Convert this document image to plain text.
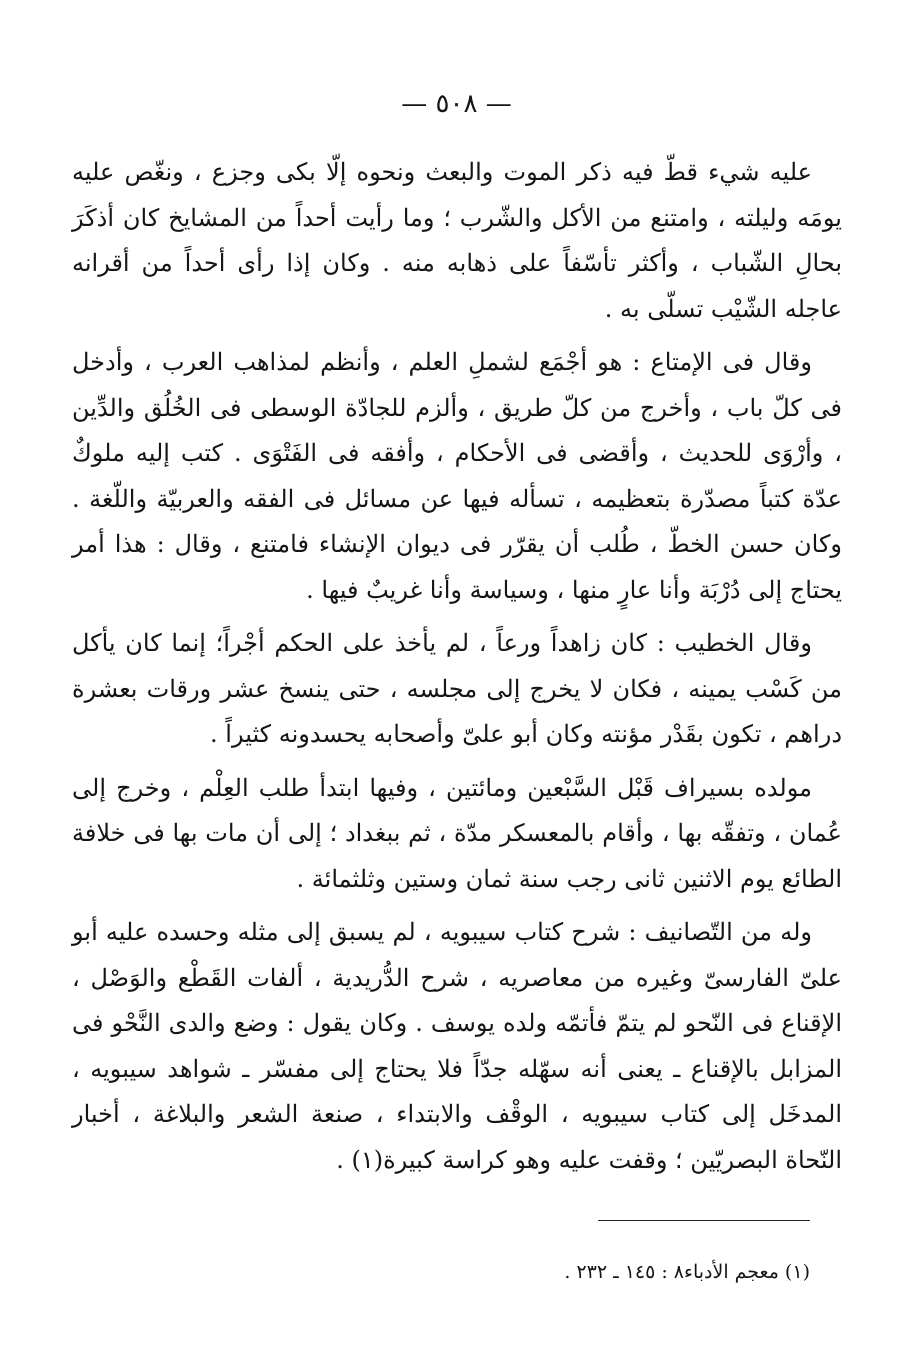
— ٥٠٨ —

عليه شيء قطّ فيه ذكر الموت والبعث ونحوه إلّا بكى وجزع ، ونغّص عليه يومَه وليلته ، وامتنع من الأكل والشّرب ؛ وما رأيت أحداً من المشايخ كان أذكَرَ بحالِ الشّباب ، وأكثر تأسّفاً على ذهابه منه . وكان إذا رأى أحداً من أقرانه عاجله الشّيْب تسلّى به .

وقال فى الإمتاع : هو أجْمَع لشملِ العلم ، وأنظم لمذاهب العرب ، وأدخل فى كلّ باب ، وأخرج من كلّ طريق ، وألزم للجادّة الوسطى فى الخُلُق والدِّين ، وأرْوَى للحديث ، وأقضى فى الأحكام ، وأفقه فى الفَتْوَى . كتب إليه ملوكٌ عدّة كتباً مصدّرة بتعظيمه ، تسأله فيها عن مسائل فى الفقه والعربيّة واللّغة . وكان حسن الخطّ ، طُلب أن يقرّر فى ديوان الإنشاء فامتنع ، وقال : هذا أمر يحتاج إلى دُرْبَة وأنا عارٍ منها ، وسياسة وأنا غريبٌ فيها .

وقال الخطيب : كان زاهداً ورعاً ، لم يأخذ على الحكم أجْراً؛ إنما كان يأكل من كَسْب يمينه ، فكان لا يخرج إلى مجلسه ، حتى ينسخ عشر ورقات بعشرة دراهم ، تكون بقَدْر مؤنته وكان أبو علىّ وأصحابه يحسدونه كثيراً .

مولده بسيراف قَبْل السَّبْعين ومائتين ، وفيها ابتدأ طلب العِلْم ، وخرج إلى عُمان ، وتفقّه بها ، وأقام بالمعسكر مدّة ، ثم ببغداد ؛ إلى أن مات بها فى خلافة الطائع يوم الاثنين ثانى رجب سنة ثمان وستين وثلثمائة .

وله من التّصانيف : شرح كتاب سيبويه ، لم يسبق إلى مثله وحسده عليه أبو علىّ الفارسىّ وغيره من معاصريه ، شرح الدُّريدية ، ألفات القَطْع والوَصْل ، الإقناع فى النّحو لم يتمّ فأتمّه ولده يوسف . وكان يقول : وضع والدى النَّحْو فى المزابل بالإقناع ـ يعنى أنه سهّله جدّاً فلا يحتاج إلى مفسّر ـ شواهد سيبويه ، المدخَل إلى كتاب سيبويه ، الوقْف والابتداء ، صنعة الشعر والبلاغة ، أخبار النّحاة البصريّين ؛ وقفت عليه وهو كراسة كبيرة(١) .

(١) معجم الأدباء٨ : ١٤٥ ـ ٢٣٢ .
